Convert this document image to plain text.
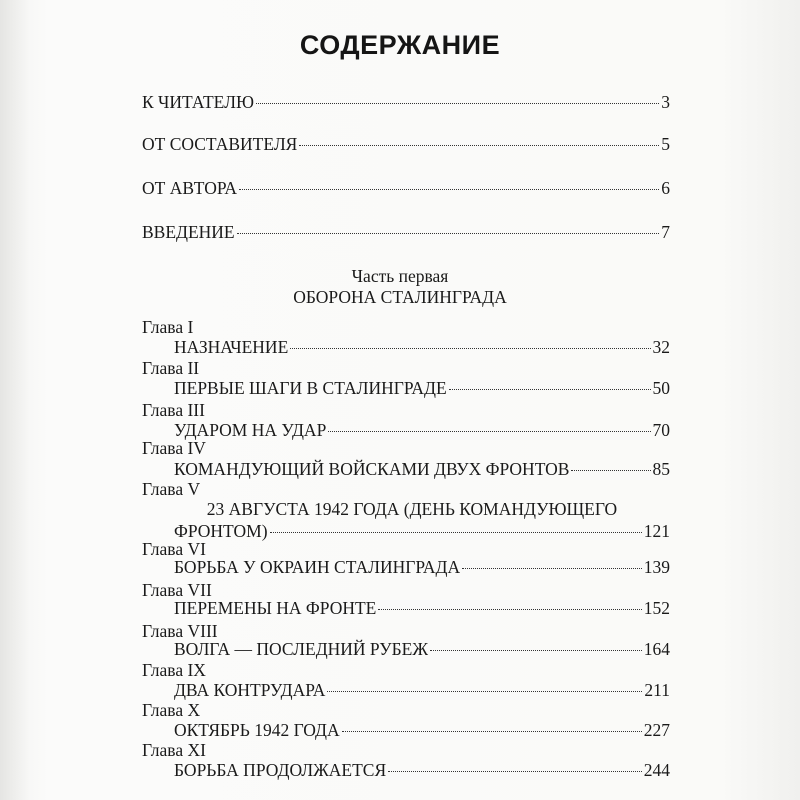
СОДЕРЖАНИЕ
К ЧИТАТЕЛЮ	3
ОТ СОСТАВИТЕЛЯ	5
ОТ АВТОРА	6
ВВЕДЕНИЕ	7
Часть первая
ОБОРОНА СТАЛИНГРАДА
Глава I
НАЗНАЧЕНИЕ	32
Глава II
ПЕРВЫЕ ШАГИ В СТАЛИНГРАДЕ	50
Глава III
УДАРОМ НА УДАР	70
Глава IV
КОМАНДУЮЩИЙ ВОЙСКАМИ ДВУХ ФРОНТОВ	85
Глава V
23 АВГУСТА 1942 ГОДА (ДЕНЬ КОМАНДУЮЩЕГО
ФРОНТОМ)	121
Глава VI
БОРЬБА У ОКРАИН СТАЛИНГРАДА	139
Глава VII
ПЕРЕМЕНЫ НА ФРОНТЕ	152
Глава VIII
ВОЛГА — ПОСЛЕДНИЙ РУБЕЖ	164
Глава IX
ДВА КОНТРУДАРА	211
Глава X
ОКТЯБРЬ 1942 ГОДА	227
Глава XI
БОРЬБА ПРОДОЛЖАЕТСЯ	244
